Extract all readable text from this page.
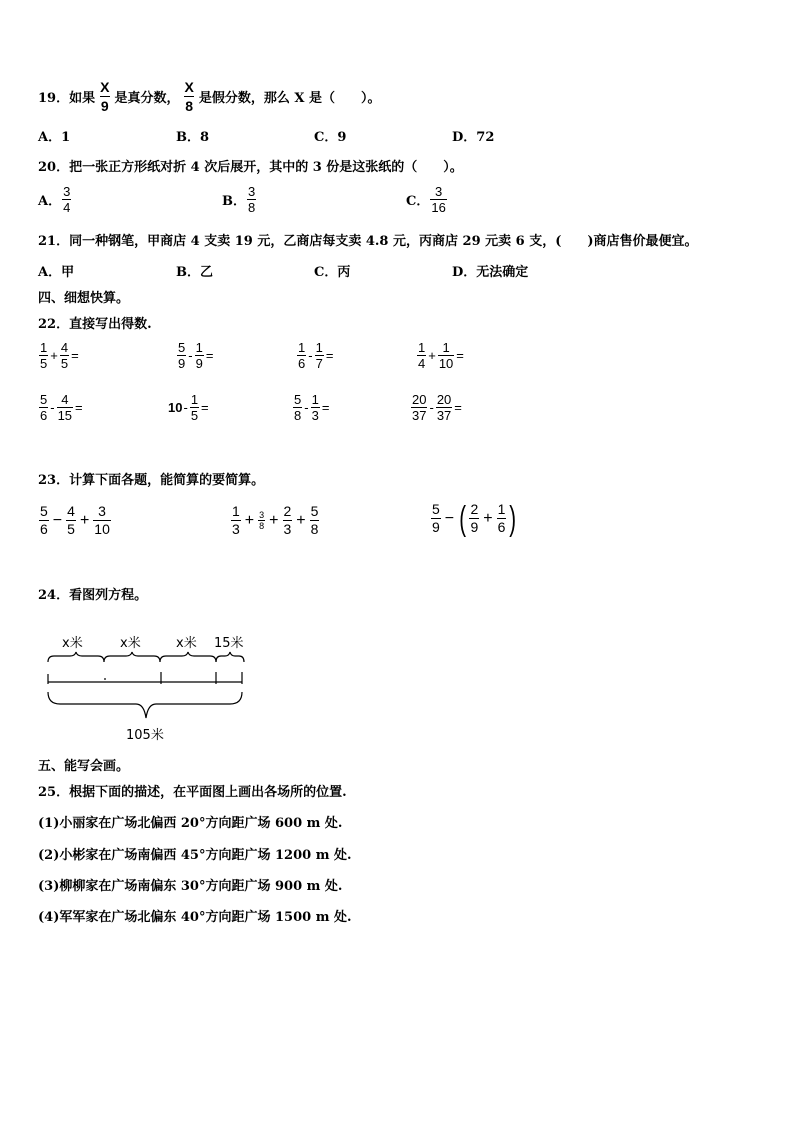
19． 如果 $\frac{X}{9}$ 是真分数， $\frac{X}{8}$ 是假分数，那么 X 是（　　）。
A．1	B．8	C．9	D．72
20．把一张正方形纸对折 4 次后展开，其中的 3 份是这张纸的（　　）。
A． $\frac{3}{4}$	B． $\frac{3}{8}$	C． $\frac{3}{16}$
21．同一种钢笔，甲商店 4 支卖 19 元，乙商店每支卖 4.8 元，丙商店 29 元卖 6 支，(　　)商店售价最便宜。
A．甲	B．乙	C．丙	D．无法确定
四、细想快算。
22．直接写出得数.
$\frac{1}{5} + \frac{4}{5}$ =	$\frac{5}{9} - \frac{1}{9}$ =	$\frac{1}{6} - \frac{1}{7}$ =	$\frac{1}{4} + \frac{1}{10}$ =
$\frac{5}{6} - \frac{4}{15}$ =	$10 - \frac{1}{5}$ =	$\frac{5}{8} - \frac{1}{3}$ =	$\frac{20}{37} - \frac{20}{37}$ =
23．计算下面各题，能简算的要简算。
$\frac{5}{6} - \frac{4}{5} + \frac{3}{10}$	$\frac{1}{3} + \frac{3}{8} + \frac{2}{3} + \frac{5}{8}$	$\frac{5}{9}$ − ( $\frac{2}{9} + \frac{1}{6}$ )
24．看图列方程。
x米	x米	x米 15米
105米
五、能写会画。
25．根据下面的描述，在平面图上画出各场所的位置.
(1)小丽家在广场北偏西 20°方向距广场 600 m 处.
(2)小彬家在广场南偏西 45°方向距广场 1200 m 处.
(3)柳柳家在广场南偏东 30°方向距广场 900 m 处.
(4)军军家在广场北偏东 40°方向距广场 1500 m 处.
